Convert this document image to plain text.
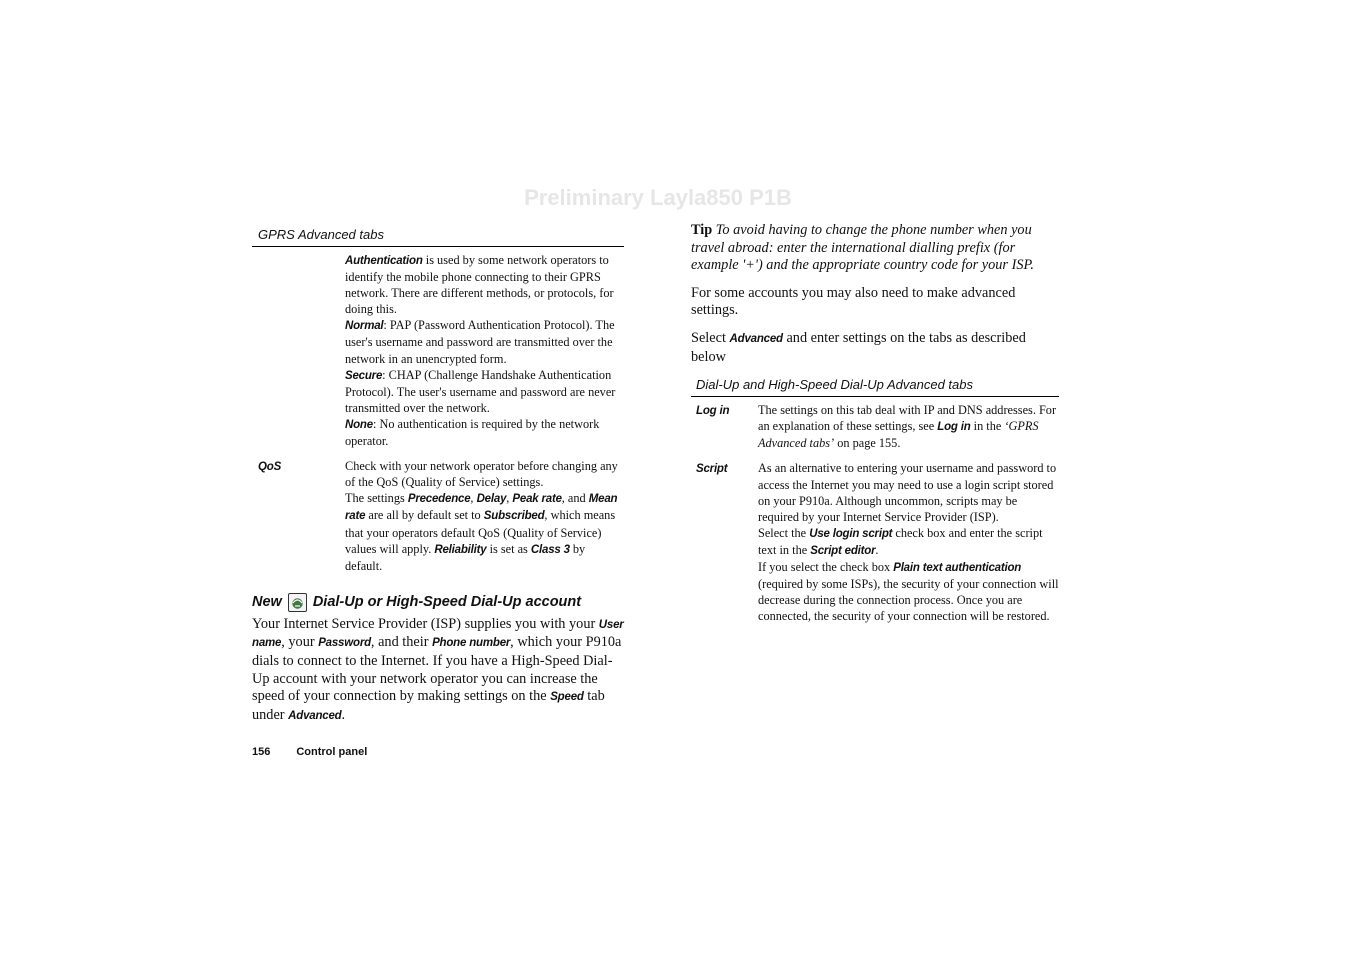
Preliminary Layla850 P1B
GPRS Advanced tabs
	Authentication is used by some network operators to identify the mobile phone connecting to their GPRS network. There are different methods, or protocols, for doing this.
Normal: PAP (Password Authentication Protocol). The user's username and password are transmitted over the network in an unencrypted form.
Secure: CHAP (Challenge Handshake Authentication Protocol). The user's username and password are never transmitted over the network.
None: No authentication is required by the network operator.
QoS	Check with your network operator before changing any of the QoS (Quality of Service) settings.
The settings Precedence, Delay, Peak rate, and Mean rate are all by default set to Subscribed, which means that your operators default QoS (Quality of Service) values will apply. Reliability is set as Class 3 by default.
New Dial-Up or High-Speed Dial-Up account

Your Internet Service Provider (ISP) supplies you with your User name, your Password, and their Phone number, which your P910a dials to connect to the Internet. If you have a High-Speed Dial-Up account with your network operator you can increase the speed of your connection by making settings on the Speed tab under Advanced.

Tip To avoid having to change the phone number when you travel abroad: enter the international dialling prefix (for example '+') and the appropriate country code for your ISP.

For some accounts you may also need to make advanced settings.

Select Advanced and enter settings on the tabs as described below

Dial-Up and High-Speed Dial-Up Advanced tabs
Log in	The settings on this tab deal with IP and DNS addresses. For an explanation of these settings, see Log in in the ‘GPRS Advanced tabs’ on page 155.
Script	As an alternative to entering your username and password to access the Internet you may need to use a login script stored on your P910a. Although uncommon, scripts may be required by your Internet Service Provider (ISP).
Select the Use login script check box and enter the script text in the Script editor.
If you select the check box Plain text authentication (required by some ISPs), the security of your connection will decrease during the connection process. Once you are connected, the security of your connection will be restored.
156 Control panel
